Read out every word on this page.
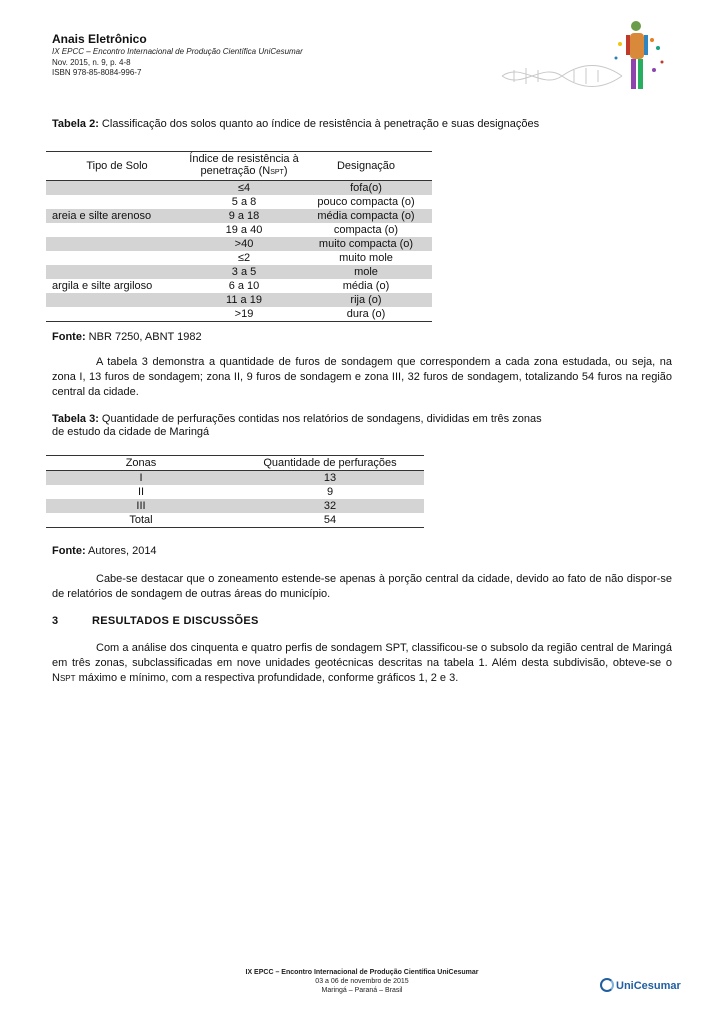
Anais Eletrônico
IX EPCC – Encontro Internacional de Produção Científica UniCesumar
Nov. 2015, n. 9, p. 4-8
ISBN 978-85-8084-996-7
Tabela 2: Classificação dos solos quanto ao índice de resistência à penetração e suas designações
Tipo de Solo	Índice de resistência à penetração (NSPT)	Designação
	≤4	fofa(o)
	5 a 8	pouco compacta (o)
areia e silte arenoso	9 a 18	média compacta (o)
	19 a 40	compacta (o)
	>40	muito compacta (o)
	≤2	muito mole
	3 a 5	mole
argila e silte argiloso	6 a 10	média (o)
	11 a 19	rija (o)
	>19	dura (o)
Fonte: NBR 7250, ABNT 1982

A tabela 3 demonstra a quantidade de furos de sondagem que correspondem a cada zona estudada, ou seja, na zona I, 13 furos de sondagem; zona II, 9 furos de sondagem e zona III, 32 furos de sondagem, totalizando 54 furos na região central da cidade.

Tabela 3: Quantidade de perfurações contidas nos relatórios de sondagens, divididas em três zonas de estudo da cidade de Maringá
Zonas	Quantidade de perfurações
I	13
II	9
III	32
Total	54
Fonte: Autores, 2014

Cabe-se destacar que o zoneamento estende-se apenas à porção central da cidade, devido ao fato de não dispor-se de relatórios de sondagem de outras áreas do município.

3	RESULTADOS E DISCUSSÕES

Com a análise dos cinquenta e quatro perfis de sondagem SPT, classificou-se o subsolo da região central de Maringá em três zonas, subclassificadas em nove unidades geotécnicas descritas na tabela 1. Além desta subdivisão, obteve-se o NSPT máximo e mínimo, com a respectiva profundidade, conforme gráficos 1, 2 e 3.

IX EPCC – Encontro Internacional de Produção Científica UniCesumar
03 a 06 de novembro de 2015
Maringá – Paraná – Brasil	UniCesumar
